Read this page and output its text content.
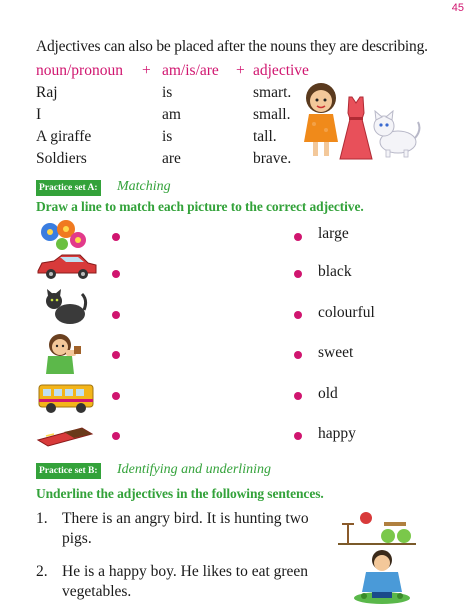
45
Adjectives can also be placed after the nouns they are describing.
noun/pronoun + am/is/are + adjective
Raj	is	smart.
I	am	small.
A giraffe	is	tall.
Soldiers	are	brave.
Practice set A: Matching
Draw a line to match each picture to the correct adjective.
large
black
colourful
sweet
old
happy
Practice set B: Identifying and underlining
Underline the adjectives in the following sentences.
1. There is an angry bird. It is hunting two
pigs.
2. He is a happy boy. He likes to eat green
vegetables.
